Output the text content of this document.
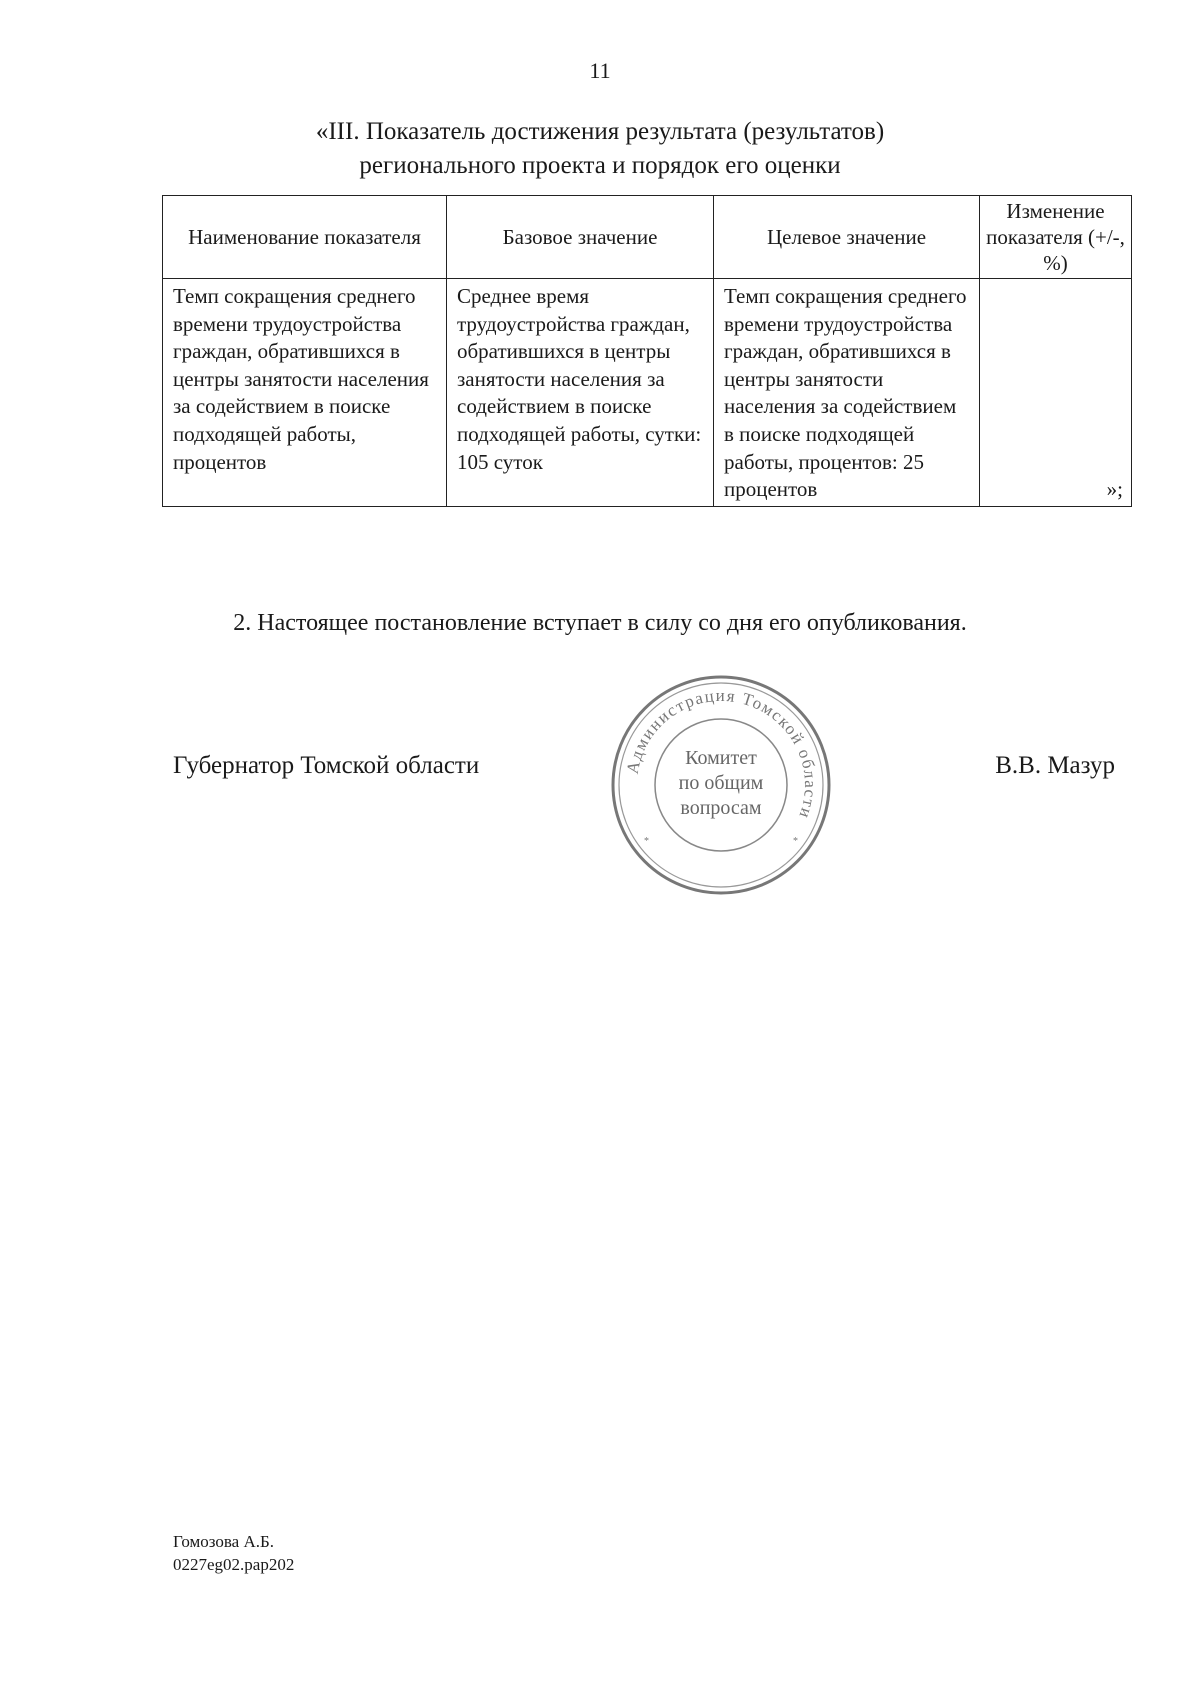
11
«III. Показатель достижения результата (результатов)
регионального проекта и порядок его оценки
Наименование показателя	Базовое значение	Целевое значение	Изменение показателя (+/-, %)
Темп сокращения среднего времени трудоустройства граждан, обратившихся в центры занятости населения за содействием в поиске подходящей работы, процентов	Среднее время трудоустройства граждан, обратившихся в центры занятости населения за содействием в поиске подходящей работы, сутки: 105 суток	Темп сокращения среднего времени трудоустройства граждан, обратившихся в центры занятости населения за содействием в поиске подходящей работы, процентов: 25 процентов	»;
2. Настоящее постановление вступает в силу со дня его опубликования.
Губернатор Томской области	Администрация Томской области
Комитет
по общим
вопросам
*	*
В.В. Мазур
Гомозова А.Б.
0227eg02.pap202
